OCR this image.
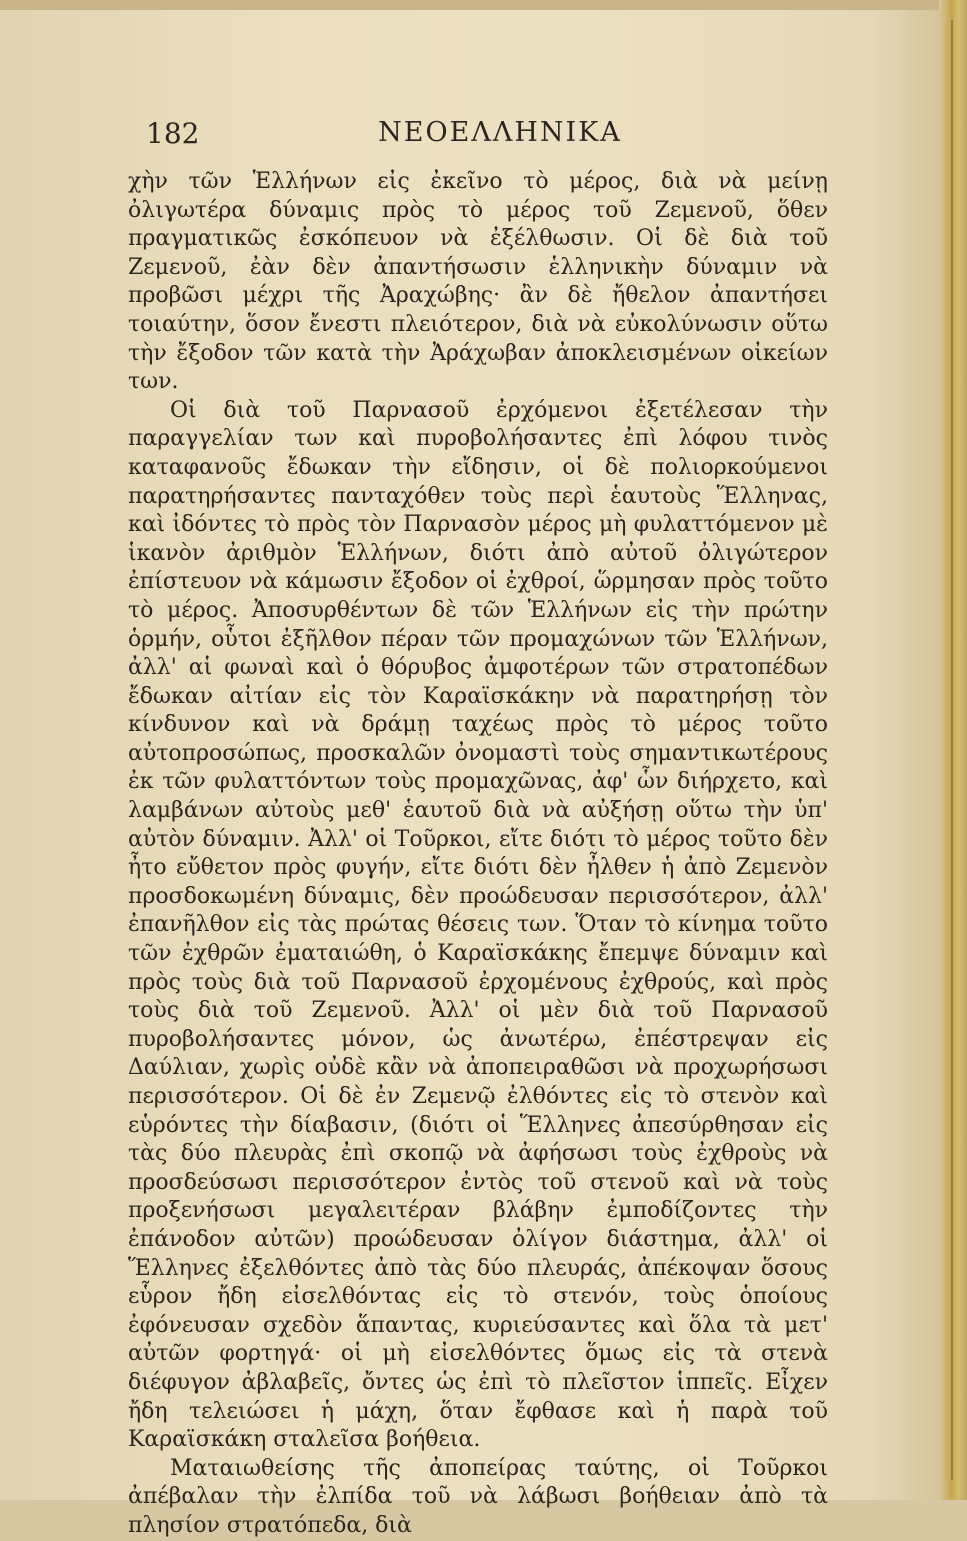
182	ΝΕΟΕΛΛΗΝΙΚΑ

χὴν τῶν Ἑλλήνων εἰς ἐκεῖνο τὸ μέρος, διὰ νὰ μείνῃ ὀλιγωτέρα δύναμις πρὸς τὸ μέρος τοῦ Ζεμενοῦ, ὅθεν πραγματικῶς ἐσκόπευον νὰ ἐξέλθωσιν. Οἱ δὲ διὰ τοῦ Ζεμενοῦ, ἐὰν δὲν ἀπαντήσωσιν ἑλληνικὴν δύναμιν νὰ προβῶσι μέχρι τῆς Ἀραχώβης· ἂν δὲ ἤθελον ἀπαντήσει τοιαύτην, ὅσον ἔνεστι πλειότερον, διὰ νὰ εὐκολύνωσιν οὕτω τὴν ἔξοδον τῶν κατὰ τὴν Ἀράχωβαν ἀποκλεισμένων οἰκείων των.

Οἱ διὰ τοῦ Παρνασοῦ ἐρχόμενοι ἐξετέλεσαν τὴν παραγγελίαν των καὶ πυροβολήσαντες ἐπὶ λόφου τινὸς καταφανοῦς ἔδωκαν τὴν εἴδησιν, οἱ δὲ πολιορκούμενοι παρατηρήσαντες πανταχόθεν τοὺς περὶ ἑαυτοὺς Ἕλληνας, καὶ ἰδόντες τὸ πρὸς τὸν Παρνασὸν μέρος μὴ φυλαττόμενον μὲ ἱκανὸν ἀριθμὸν Ἑλλήνων, διότι ἀπὸ αὐτοῦ ὀλιγώτερον ἐπίστευον νὰ κάμωσιν ἔξοδον οἱ ἐχθροί, ὥρμησαν πρὸς τοῦτο τὸ μέρος. Ἀποσυρθέντων δὲ τῶν Ἑλλήνων εἰς τὴν πρώτην ὁρμήν, οὗτοι ἐξῆλθον πέραν τῶν προμαχώνων τῶν Ἑλλήνων, ἀλλ' αἱ φωναὶ καὶ ὁ θόρυβος ἀμφοτέρων τῶν στρατοπέδων ἔδωκαν αἰτίαν εἰς τὸν Καραϊσκάκην νὰ παρατηρήσῃ τὸν κίνδυνον καὶ νὰ δράμῃ ταχέως πρὸς τὸ μέρος τοῦτο αὐτοπροσώπως, προσκαλῶν ὀνομαστὶ τοὺς σημαντικωτέρους ἐκ τῶν φυλαττόντων τοὺς προμαχῶνας, ἀφ' ὧν διήρχετο, καὶ λαμβάνων αὐτοὺς μεθ' ἑαυτοῦ διὰ νὰ αὐξήσῃ οὕτω τὴν ὑπ' αὐτὸν δύναμιν. Ἀλλ' οἱ Τοῦρκοι, εἴτε διότι τὸ μέρος τοῦτο δὲν ἦτο εὔθετον πρὸς φυγήν, εἴτε διότι δὲν ἦλθεν ἡ ἀπὸ Ζεμενὸν προσδοκωμένη δύναμις, δὲν προώδευσαν περισσότερον, ἀλλ' ἐπανῆλθον εἰς τὰς πρώτας θέσεις των. Ὅταν τὸ κίνημα τοῦτο τῶν ἐχθρῶν ἐματαιώθη, ὁ Καραϊσκάκης ἔπεμψε δύναμιν καὶ πρὸς τοὺς διὰ τοῦ Παρνασοῦ ἐρχομένους ἐχθρούς, καὶ πρὸς τοὺς διὰ τοῦ Ζεμενοῦ. Ἀλλ' οἱ μὲν διὰ τοῦ Παρνασοῦ πυροβολήσαντες μόνον, ὡς ἀνωτέρω, ἐπέστρεψαν εἰς Δαύλιαν, χωρὶς οὐδὲ κἂν νὰ ἀποπειραθῶσι νὰ προχωρήσωσι περισσότερον. Οἱ δὲ ἐν Ζεμενῷ ἐλθόντες εἰς τὸ στενὸν καὶ εὑρόντες τὴν δίαβασιν, (διότι οἱ Ἕλληνες ἀπεσύρθησαν εἰς τὰς δύο πλευρὰς ἐπὶ σκοπῷ νὰ ἀφήσωσι τοὺς ἐχθροὺς νὰ προσδεύσωσι περισσότερον ἐντὸς τοῦ στενοῦ καὶ νὰ τοὺς προξενήσωσι μεγαλειτέραν βλάβην ἐμποδίζοντες τὴν ἐπάνοδον αὐτῶν) προώδευσαν ὀλίγον διάστημα, ἀλλ' οἱ Ἕλληνες ἐξελθόντες ἀπὸ τὰς δύο πλευράς, ἀπέκοψαν ὅσους εὗρον ἤδη εἰσελθόντας εἰς τὸ στενόν, τοὺς ὁποίους ἐφόνευσαν σχεδὸν ἅπαντας, κυριεύσαντες καὶ ὅλα τὰ μετ' αὐτῶν φορτηγά· οἱ μὴ εἰσελθόντες ὅμως εἰς τὰ στενὰ διέφυγον ἀβλαβεῖς, ὄντες ὡς ἐπὶ τὸ πλεῖστον ἱππεῖς. Εἶχεν ἤδη τελειώσει ἡ μάχη, ὅταν ἔφθασε καὶ ἡ παρὰ τοῦ Καραϊσκάκη σταλεῖσα βοήθεια.

Ματαιωθείσης τῆς ἀποπείρας ταύτης, οἱ Τοῦρκοι ἀπέβαλαν τὴν ἐλπίδα τοῦ νὰ λάβωσι βοήθειαν ἀπὸ τὰ πλησίον στρατόπεδα, διὰ
